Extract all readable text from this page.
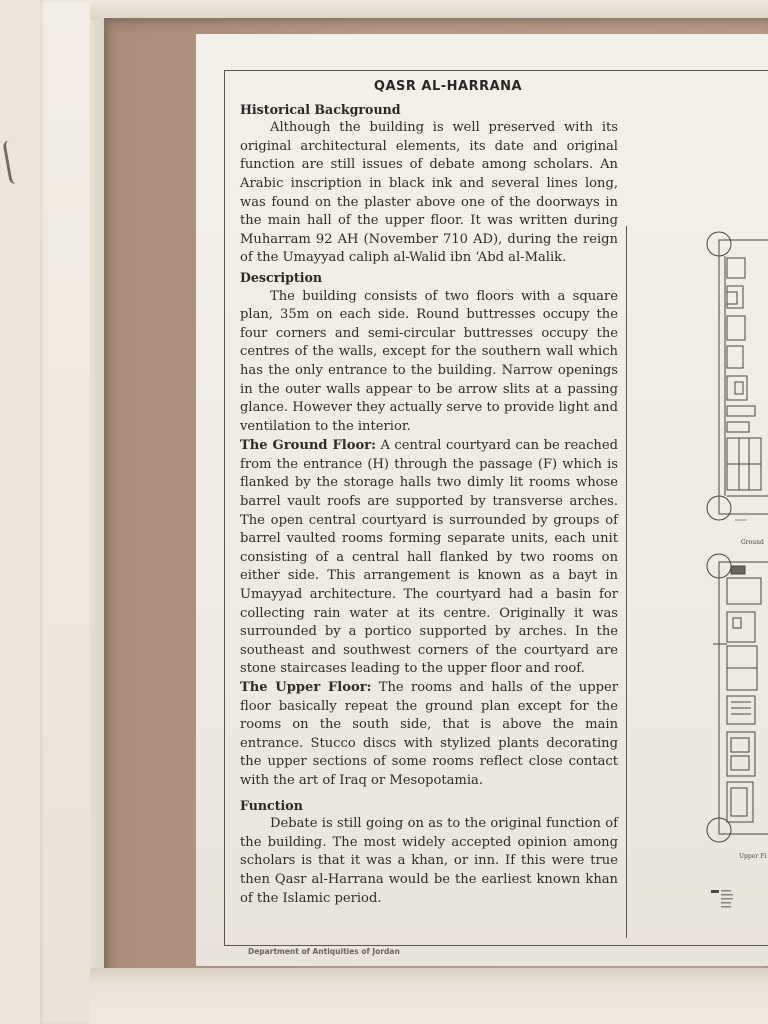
QASR AL-HARRANA
Historical Background

Although the building is well preserved with its original architectural elements, its date and original function are still issues of debate among scholars. An Arabic inscription in black ink and several lines long, was found on the plaster above one of the doorways in the main hall of the upper floor. It was written during Muharram 92 AH (November 710 AD), during the reign of the Umayyad caliph al-Walid ibn ‘Abd al-Malik.

Description

The building consists of two floors with a square plan, 35m on each side. Round buttresses occupy the four corners and semi-circular buttresses occupy the centres of the walls, except for the southern wall which has the only entrance to the building. Narrow openings in the outer walls appear to be arrow slits at a passing glance. However they actually serve to provide light and ventilation to the interior.

The Ground Floor: A central courtyard can be reached from the entrance (H) through the passage (F) which is flanked by the storage halls two dimly lit rooms whose barrel vault roofs are supported by transverse arches. The open central courtyard is surrounded by groups of barrel vaulted rooms forming separate units, each unit consisting of a central hall flanked by two rooms on either side. This arrangement is known as a bayt in Umayyad architecture. The courtyard had a basin for collecting rain water at its centre. Originally it was surrounded by a portico supported by arches. In the southeast and southwest corners of the courtyard are stone staircases leading to the upper floor and roof.

The Upper Floor: The rooms and halls of the upper floor basically repeat the ground plan except for the rooms on the south side, that is above the main entrance. Stucco discs with stylized plants decorating the upper sections of some rooms reflect close contact with the art of Iraq or Mesopotamia.

Function

Debate is still going on as to the original function of the building. The most widely accepted opinion among scholars is that it was a khan, or inn. If this were true then Qasr al-Harrana would be the earliest known khan of the Islamic period.

Department of Antiquities of Jordan
Ground
Upper Fl
